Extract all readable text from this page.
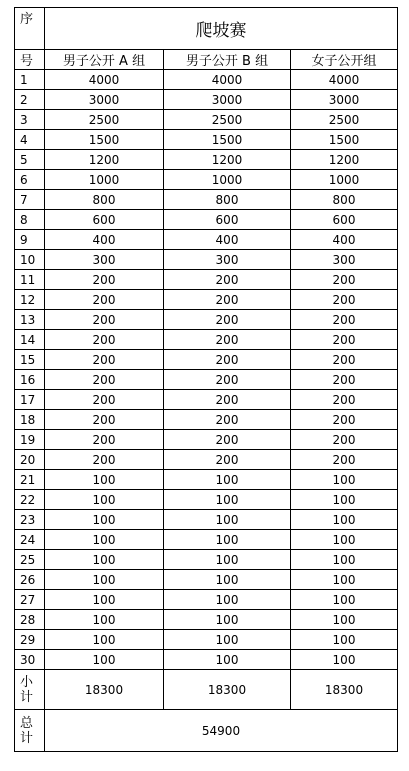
序	爬坡赛		
号	男子公开 A 组	男子公开 B 组	女子公开组
1	4000	4000	4000
2	3000	3000	3000
3	2500	2500	2500
4	1500	1500	1500
5	1200	1200	1200
6	1000	1000	1000
7	800	800	800
8	600	600	600
9	400	400	400
10	300	300	300
11	200	200	200
12	200	200	200
13	200	200	200
14	200	200	200
15	200	200	200
16	200	200	200
17	200	200	200
18	200	200	200
19	200	200	200
20	200	200	200
21	100	100	100
22	100	100	100
23	100	100	100
24	100	100	100
25	100	100	100
26	100	100	100
27	100	100	100
28	100	100	100
29	100	100	100
30	100	100	100

小
计	18300	18300	18300

总
计	54900		
